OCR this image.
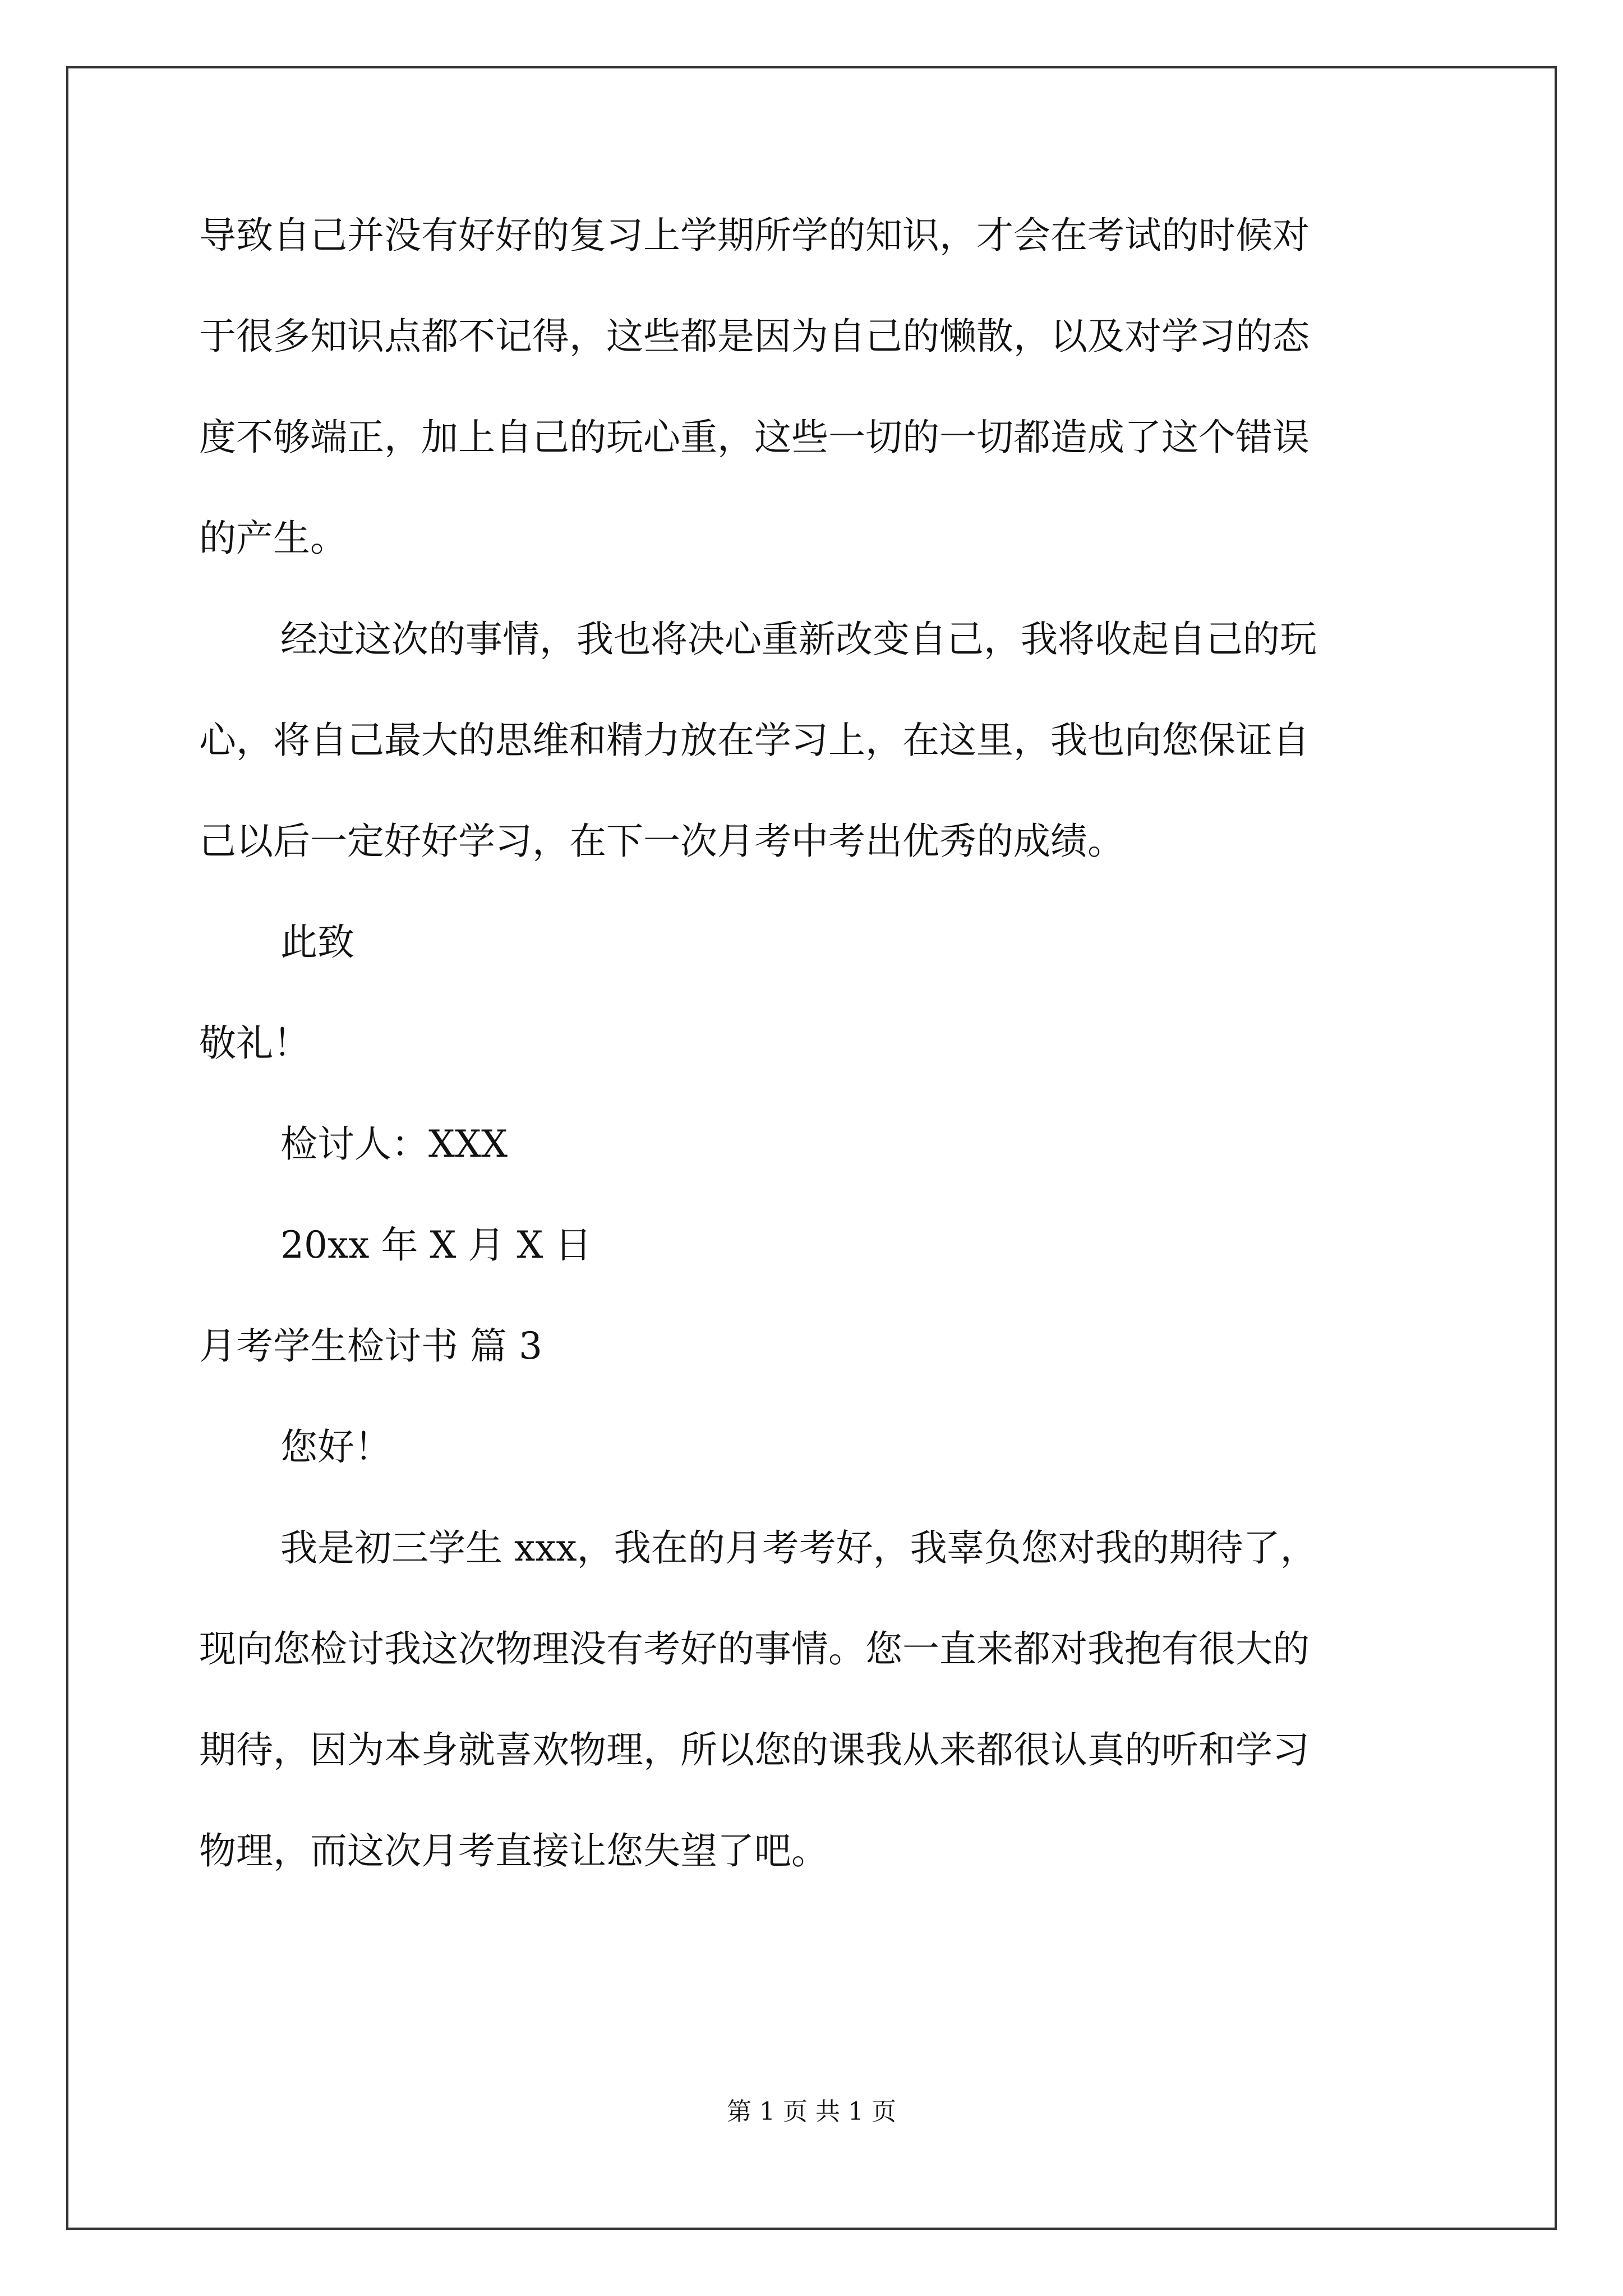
导致自己并没有好好的复习上学期所学的知识，才会在考试的时候对
于很多知识点都不记得，这些都是因为自己的懒散，以及对学习的态
度不够端正，加上自己的玩心重，这些一切的一切都造成了这个错误
的产生。
经过这次的事情，我也将决心重新改变自己，我将收起自己的玩
心，将自己最大的思维和精力放在学习上，在这里，我也向您保证自
己以后一定好好学习，在下一次月考中考出优秀的成绩。
此致
敬礼！
检讨人：XXX
20xx 年 X 月 X 日
月考学生检讨书 篇 3
您好！
我是初三学生 xxx，我在的月考考好，我辜负您对我的期待了，
现向您检讨我这次物理没有考好的事情。您一直来都对我抱有很大的
期待，因为本身就喜欢物理，所以您的课我从来都很认真的听和学习
物理，而这次月考直接让您失望了吧。
第 1 页 共 1 页
